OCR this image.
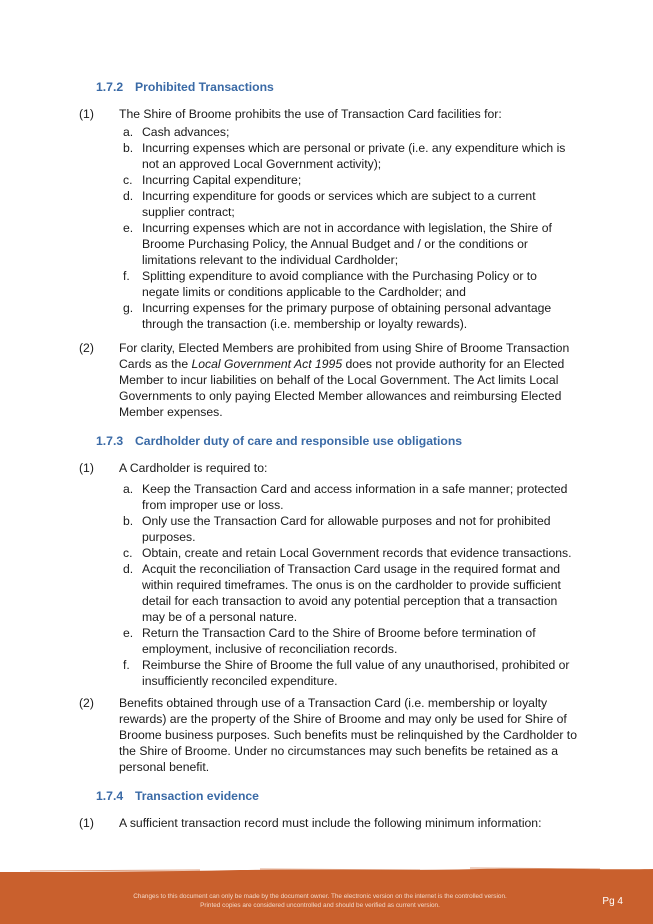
1.7.2 Prohibited Transactions
(1) The Shire of Broome prohibits the use of Transaction Card facilities for:
a. Cash advances;
b. Incurring expenses which are personal or private (i.e. any expenditure which is not an approved Local Government activity);
c. Incurring Capital expenditure;
d. Incurring expenditure for goods or services which are subject to a current supplier contract;
e. Incurring expenses which are not in accordance with legislation, the Shire of Broome Purchasing Policy, the Annual Budget and / or the conditions or limitations relevant to the individual Cardholder;
f. Splitting expenditure to avoid compliance with the Purchasing Policy or to negate limits or conditions applicable to the Cardholder; and
g. Incurring expenses for the primary purpose of obtaining personal advantage through the transaction (i.e. membership or loyalty rewards).
(2) For clarity, Elected Members are prohibited from using Shire of Broome Transaction Cards as the Local Government Act 1995 does not provide authority for an Elected Member to incur liabilities on behalf of the Local Government. The Act limits Local Governments to only paying Elected Member allowances and reimbursing Elected Member expenses.
1.7.3 Cardholder duty of care and responsible use obligations
(1) A Cardholder is required to:
a. Keep the Transaction Card and access information in a safe manner; protected from improper use or loss.
b. Only use the Transaction Card for allowable purposes and not for prohibited purposes.
c. Obtain, create and retain Local Government records that evidence transactions.
d. Acquit the reconciliation of Transaction Card usage in the required format and within required timeframes. The onus is on the cardholder to provide sufficient detail for each transaction to avoid any potential perception that a transaction may be of a personal nature.
e. Return the Transaction Card to the Shire of Broome before termination of employment, inclusive of reconciliation records.
f. Reimburse the Shire of Broome the full value of any unauthorised, prohibited or insufficiently reconciled expenditure.
(2) Benefits obtained through use of a Transaction Card (i.e. membership or loyalty rewards) are the property of the Shire of Broome and may only be used for Shire of Broome business purposes. Such benefits must be relinquished by the Cardholder to the Shire of Broome. Under no circumstances may such benefits be retained as a personal benefit.
1.7.4 Transaction evidence
(1) A sufficient transaction record must include the following minimum information:
Changes to this document can only be made by the document owner. The electronic version on the internet is the controlled version.
Printed copies are considered uncontrolled and should be verified as current version.	Pg 4
